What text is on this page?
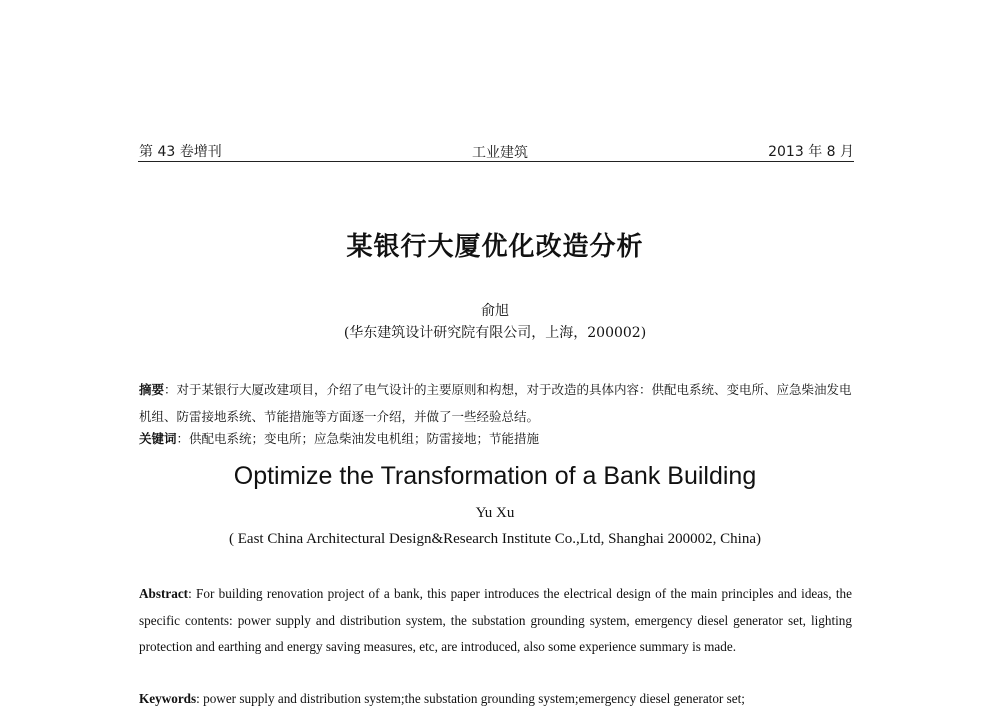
第 43 卷增刊	工业建筑	2013 年 8 月
某银行大厦优化改造分析
俞旭
(华东建筑设计研究院有限公司，上海，200002)
摘要：对于某银行大厦改建项目，介绍了电气设计的主要原则和构想，对于改造的具体内容：供配电系统、变电所、应急柴油发电机组、防雷接地系统、节能措施等方面逐一介绍，并做了一些经验总结。
关键词：供配电系统；变电所；应急柴油发电机组；防雷接地；节能措施
Optimize the Transformation of a Bank Building
Yu Xu
( East China Architectural Design&Research Institute Co.,Ltd, Shanghai 200002, China)
Abstract: For building renovation project of a bank, this paper introduces the electrical design of the main principles and ideas, the specific contents: power supply and distribution system, the substation grounding system, emergency diesel generator set, lighting protection and earthing and energy saving measures, etc, are introduced, also some experience summary is made.
Keywords: power supply and distribution system;the substation grounding system;emergency diesel generator set;
